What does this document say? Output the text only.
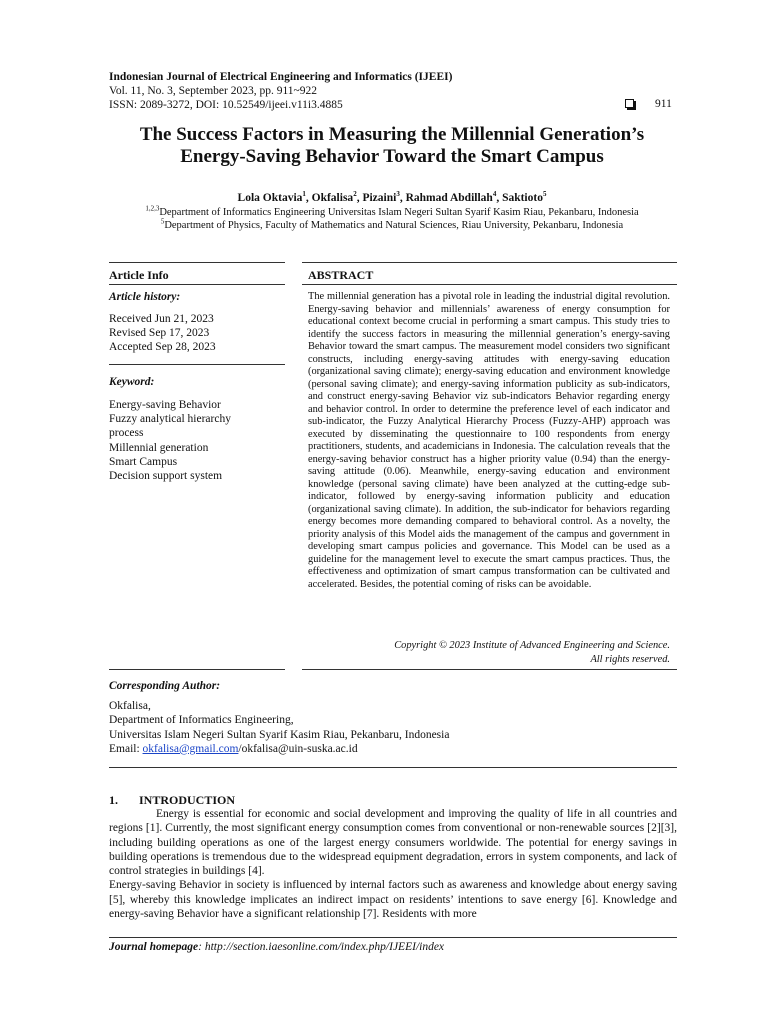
Indonesian Journal of Electrical Engineering and Informatics (IJEEI)
Vol. 11, No. 3, September 2023, pp. 911~922
ISSN: 2089-3272, DOI: 10.52549/ijeei.v11i3.4885	911
The Success Factors in Measuring the Millennial Generation’s
Energy-Saving Behavior Toward the Smart Campus
Lola Oktavia$^1$, Okfalisa$^2$, Pizaini$^3$, Rahmad Abdillah$^4$, Saktioto$^5$
$^{1,2,3}$Department of Informatics Engineering Universitas Islam Negeri Sultan Syarif Kasim Riau, Pekanbaru, Indonesia
$^5$Department of Physics, Faculty of Mathematics and Natural Sciences, Riau University, Pekanbaru, Indonesia
Article Info	ABSTRACT
Article history:
Received Jun 21, 2023
Revised Sep 17, 2023
Accepted Sep 28, 2023
Keyword:
Energy-saving Behavior
Fuzzy analytical hierarchy
process
Millennial generation
Smart Campus
Decision support system
The millennial generation has a pivotal role in leading the industrial digital revolution. Energy-saving behavior and millennials’ awareness of energy consumption for educational context become crucial in performing a smart campus. This study tries to identify the success factors in measuring the millennial generation’s energy-saving Behavior toward the smart campus. The measurement model considers two significant constructs, including energy-saving attitudes with energy-saving education (organizational saving climate); energy-saving education and environment knowledge (personal saving climate); and energy-saving information publicity as sub-indicators, and construct energy-saving Behavior viz sub-indicators Behavior regarding energy and behavior control. In order to determine the preference level of each indicator and sub-indicator, the Fuzzy Analytical Hierarchy Process (Fuzzy-AHP) approach was executed by disseminating the questionnaire to 100 respondents from energy practitioners, students, and academicians in Indonesia. The calculation reveals that the energy-saving behavior construct has a higher priority value (0.94) than the energy-saving attitude (0.06). Meanwhile, energy-saving education and environment knowledge (personal saving climate) have been analyzed at the cutting-edge sub-indicator, followed by energy-saving information publicity and education (organizational saving climate). In addition, the sub-indicator for behaviors regarding energy becomes more demanding compared to behavioral control. As a novelty, the priority analysis of this Model aids the management of the campus and government in developing smart campus policies and governance. This Model can be used as a guideline for the management level to execute the smart campus practices. Thus, the effectiveness and optimization of smart campus transformation can be cultivated and accelerated. Besides, the potential coming of risks can be avoidable.
Copyright © 2023 Institute of Advanced Engineering and Science.
All rights reserved.
Corresponding Author:
Okfalisa,
Department of Informatics Engineering,
Universitas Islam Negeri Sultan Syarif Kasim Riau, Pekanbaru, Indonesia
Email: okfalisa@gmail.com/okfalisa@uin-suska.ac.id
1.       INTRODUCTION

Energy is essential for economic and social development and improving the quality of life in all countries and regions [1]. Currently, the most significant energy consumption comes from conventional or non-renewable sources [2][3], including building operations as one of the largest energy consumers worldwide. The potential for energy savings in building operations is tremendous due to the widespread equipment degradation, errors in system components, and lack of control strategies in buildings [4].

Energy-saving Behavior in society is influenced by internal factors such as awareness and knowledge about energy saving [5], whereby this knowledge implicates an indirect impact on residents’ intentions to save energy [6]. Knowledge and energy-saving Behavior have a significant relationship [7]. Residents with more

Journal homepage: http://section.iaesonline.com/index.php/IJEEI/index
